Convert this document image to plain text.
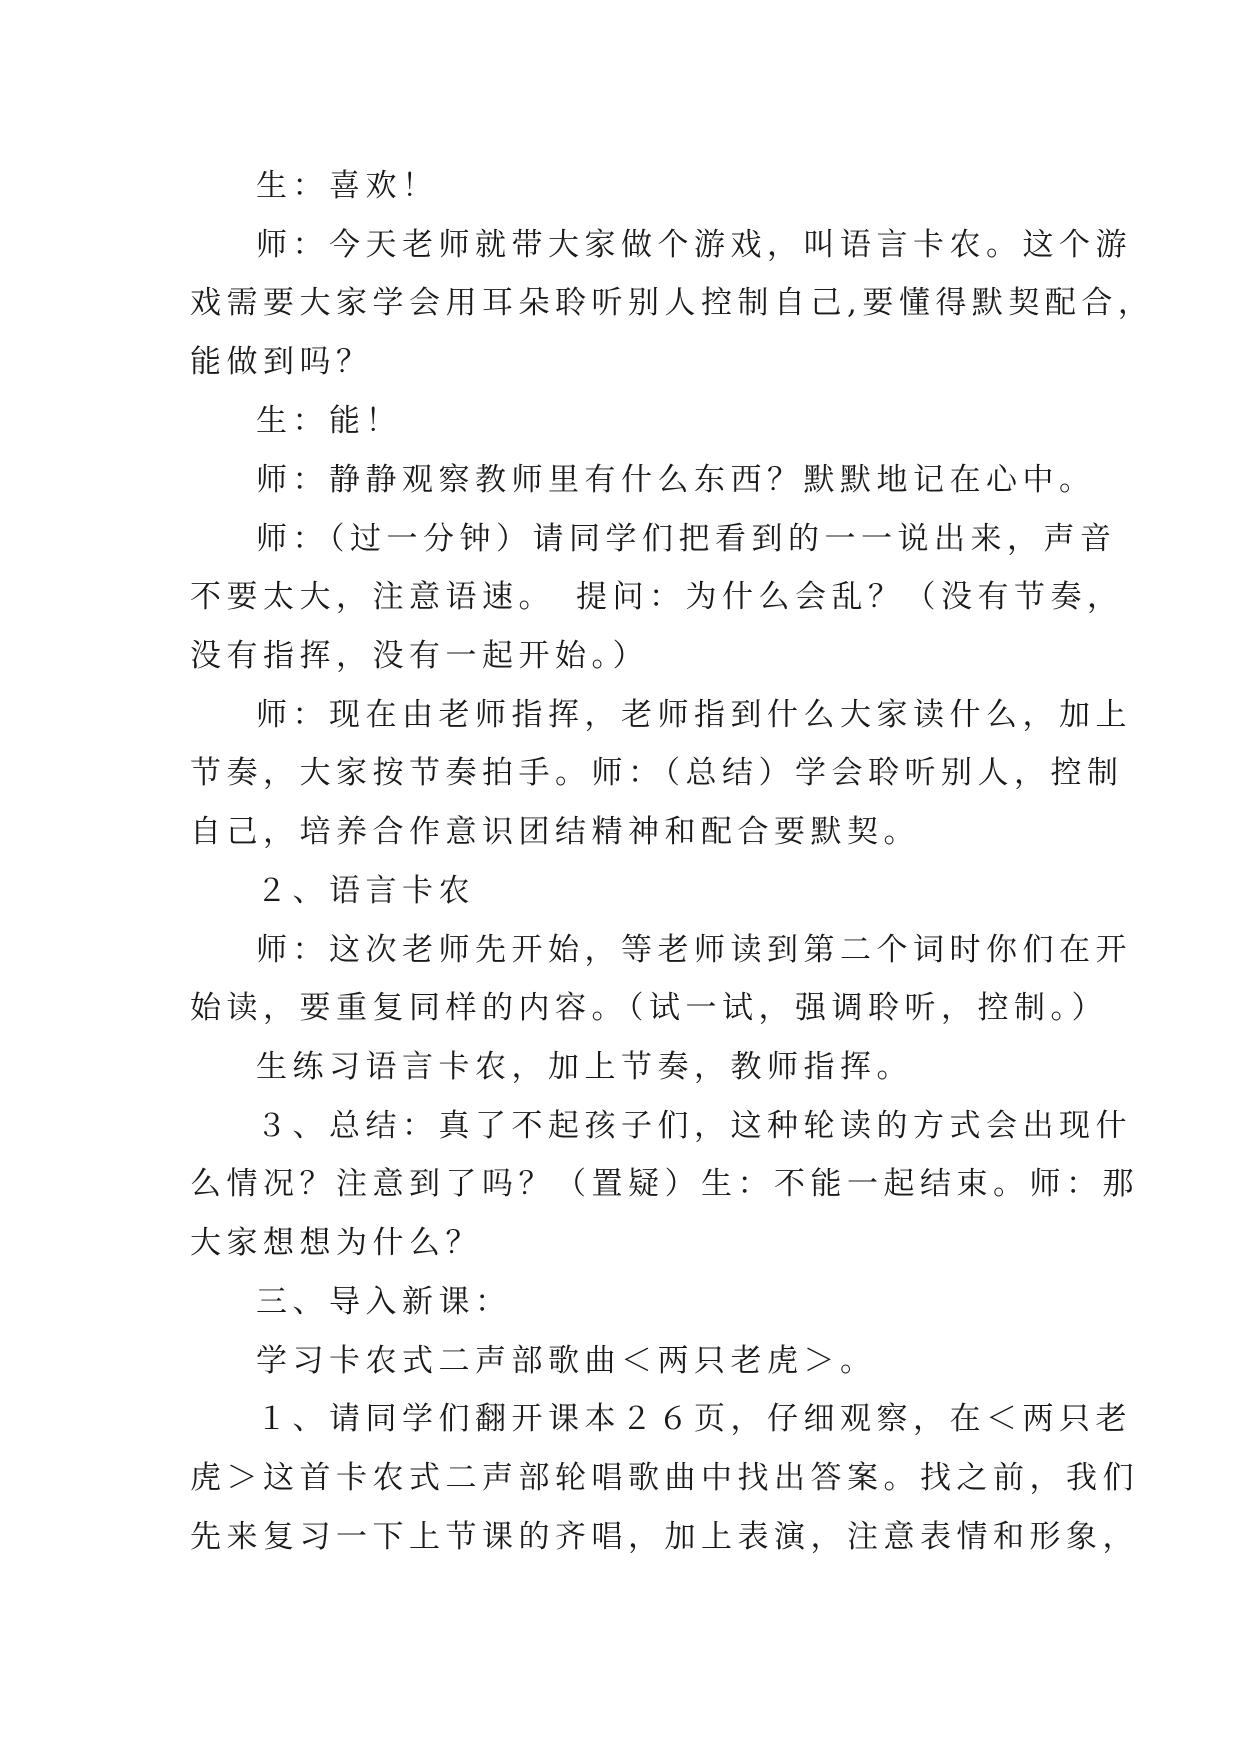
生：喜欢！
师：今天老师就带大家做个游戏，叫语言卡农。这个游
戏需要大家学会用耳朵聆听别人控制自己,要懂得默契配合，
能做到吗？
生：能！
师：静静观察教师里有什么东西？默默地记在心中。
师：（过一分钟）请同学们把看到的一一说出来，声音
不要太大，注意语速。　提问：为什么会乱？（没有节奏，
没有指挥，没有一起开始。）
师：现在由老师指挥，老师指到什么大家读什么，加上
节奏，大家按节奏拍手。师：（总结）学会聆听别人，控制
自己，培养合作意识团结精神和配合要默契。
２、语言卡农
师：这次老师先开始，等老师读到第二个词时你们在开
始读，要重复同样的内容。（试一试，强调聆听，控制。）
生练习语言卡农，加上节奏，教师指挥。
３、总结：真了不起孩子们，这种轮读的方式会出现什
么情况？注意到了吗？（置疑）生：不能一起结束。师：那
大家想想为什么？
三、导入新课：
学习卡农式二声部歌曲＜两只老虎＞。
１、请同学们翻开课本２６页，仔细观察，在＜两只老
虎＞这首卡农式二声部轮唱歌曲中找出答案。找之前，我们
先来复习一下上节课的齐唱，加上表演，注意表情和形象，
